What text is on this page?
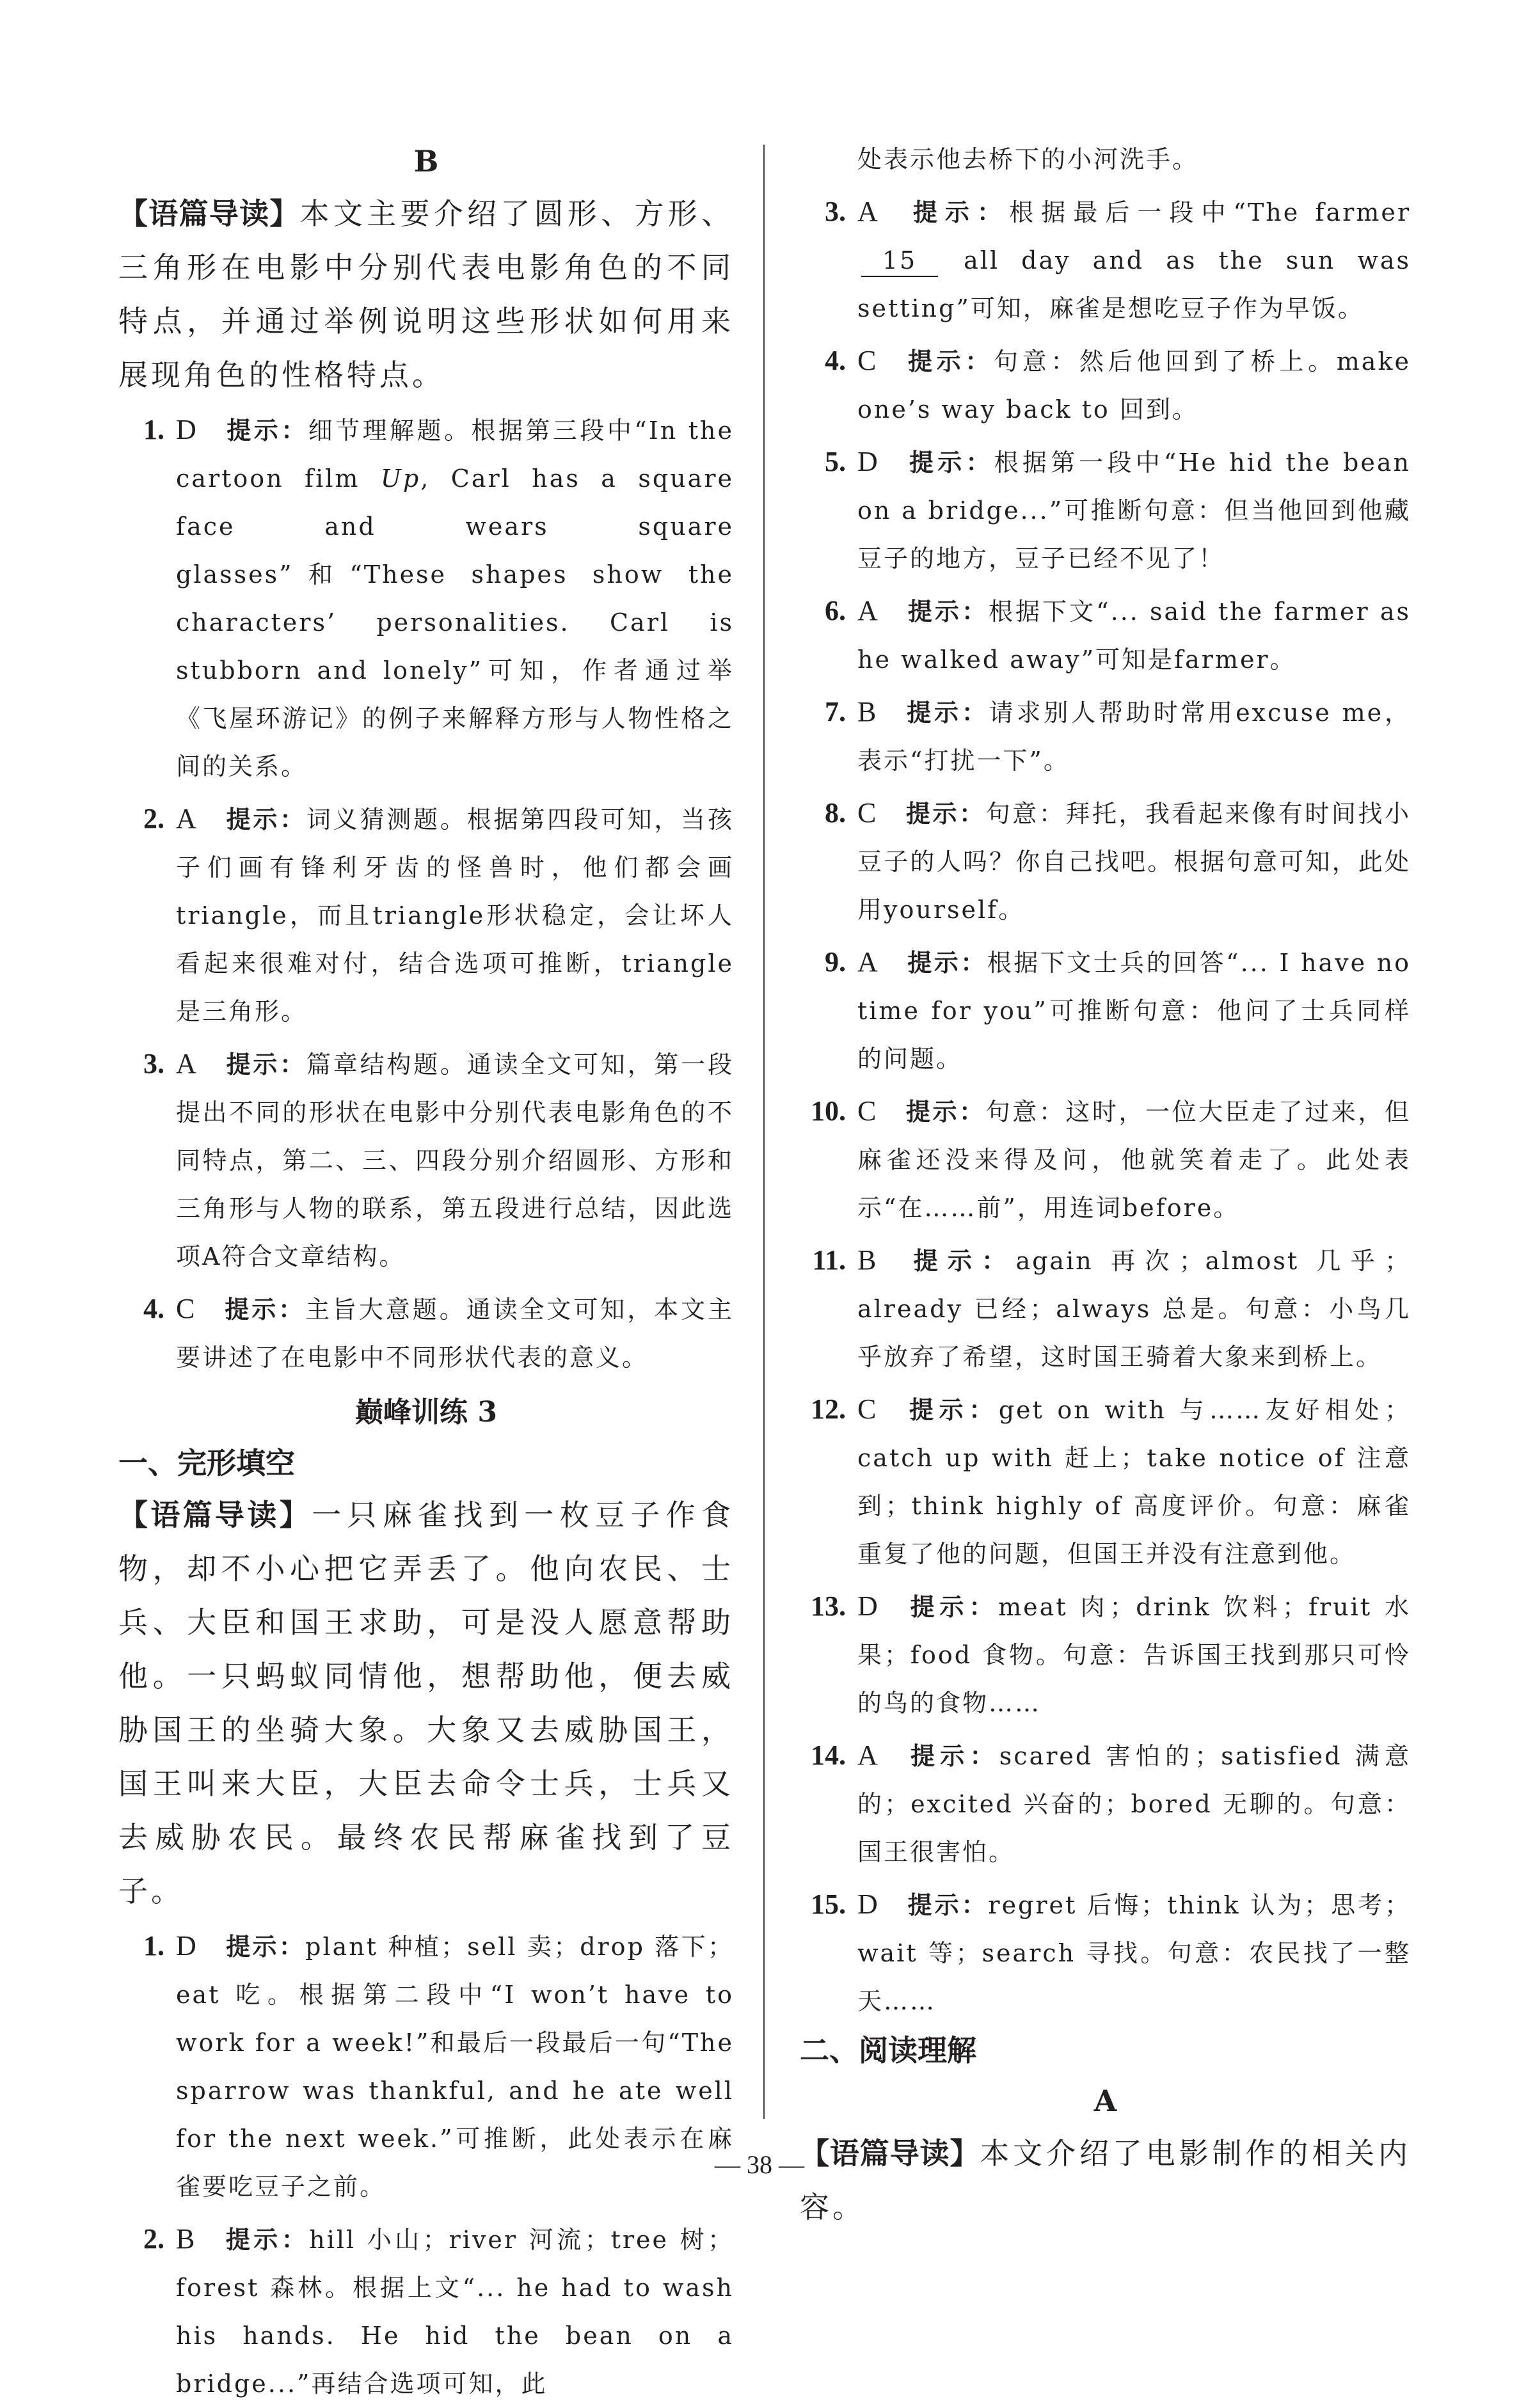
B
【语篇导读】本文主要介绍了圆形、方形、三角形在电影中分别代表电影角色的不同特点，并通过举例说明这些形状如何用来展现角色的性格特点。
1. D 提示：细节理解题。根据第三段中“In the cartoon film Up, Carl has a square face and wears square glasses”和“These shapes show the characters’ personalities. Carl is stubborn and lonely”可知，作者通过举《飞屋环游记》的例子来解释方形与人物性格之间的关系。
2. A 提示：词义猜测题。根据第四段可知，当孩子们画有锋利牙齿的怪兽时，他们都会画triangle，而且triangle形状稳定，会让坏人看起来很难对付，结合选项可推断，triangle是三角形。
3. A 提示：篇章结构题。通读全文可知，第一段提出不同的形状在电影中分别代表电影角色的不同特点，第二、三、四段分别介绍圆形、方形和三角形与人物的联系，第五段进行总结，因此选项A符合文章结构。
4. C 提示：主旨大意题。通读全文可知，本文主要讲述了在电影中不同形状代表的意义。
巅峰训练 3
一、完形填空
【语篇导读】一只麻雀找到一枚豆子作食物，却不小心把它弄丢了。他向农民、士兵、大臣和国王求助，可是没人愿意帮助他。一只蚂蚁同情他，想帮助他，便去威胁国王的坐骑大象。大象又去威胁国王，国王叫来大臣，大臣去命令士兵，士兵又去威胁农民。最终农民帮麻雀找到了豆子。
1. D 提示：plant 种植；sell 卖；drop 落下；eat 吃。根据第二段中“I won’t have to work for a week!”和最后一段最后一句“The sparrow was thankful, and he ate well for the next week.”可推断，此处表示在麻雀要吃豆子之前。
2. B 提示：hill 小山；river 河流；tree 树；forest 森林。根据上文“... he had to wash his hands. He hid the bean on a bridge...”再结合选项可知，此
处表示他去桥下的小河洗手。
3. A 提示：根据最后一段中“The farmer 15 all day and as the sun was setting”可知，麻雀是想吃豆子作为早饭。
4. C 提示：句意：然后他回到了桥上。make one’s way back to 回到。
5. D 提示：根据第一段中“He hid the bean on a bridge...”可推断句意：但当他回到他藏豆子的地方，豆子已经不见了！
6. A 提示：根据下文“... said the farmer as he walked away”可知是farmer。
7. B 提示：请求别人帮助时常用excuse me，表示“打扰一下”。
8. C 提示：句意：拜托，我看起来像有时间找小豆子的人吗？你自己找吧。根据句意可知，此处用yourself。
9. A 提示：根据下文士兵的回答“... I have no time for you”可推断句意：他问了士兵同样的问题。
10. C 提示：句意：这时，一位大臣走了过来，但麻雀还没来得及问，他就笑着走了。此处表示“在……前”，用连词before。
11. B 提示：again 再次；almost 几乎；already 已经；always 总是。句意：小鸟几乎放弃了希望，这时国王骑着大象来到桥上。
12. C 提示：get on with 与……友好相处；catch up with 赶上；take notice of 注意到；think highly of 高度评价。句意：麻雀重复了他的问题，但国王并没有注意到他。
13. D 提示：meat 肉；drink 饮料；fruit 水果；food 食物。句意：告诉国王找到那只可怜的鸟的食物……
14. A 提示：scared 害怕的；satisfied 满意的；excited 兴奋的；bored 无聊的。句意：国王很害怕。
15. D 提示：regret 后悔；think 认为；思考；wait 等；search 寻找。句意：农民找了一整天……
二、阅读理解
A
【语篇导读】本文介绍了电影制作的相关内容。
— 38 —
